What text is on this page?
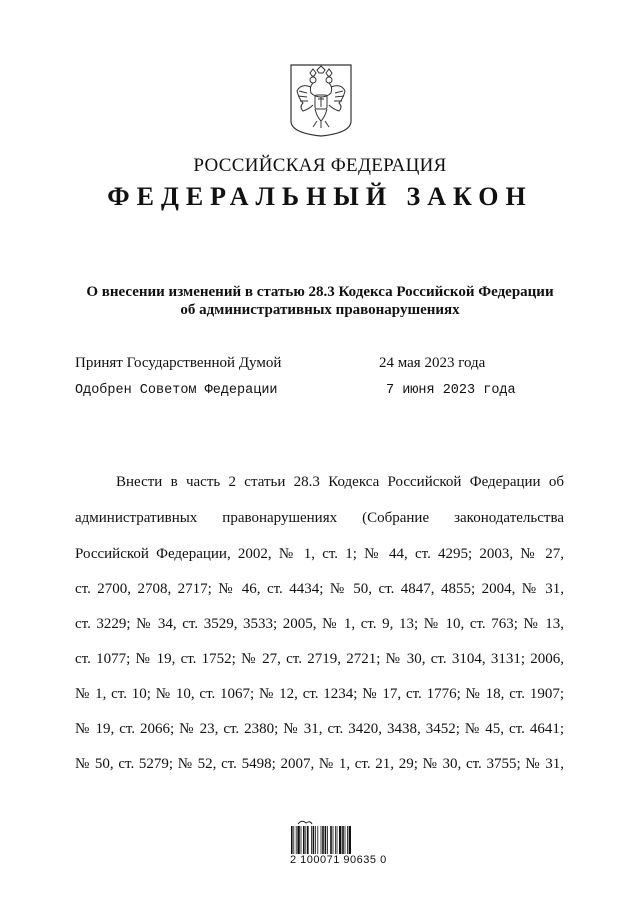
РОССИЙСКАЯ ФЕДЕРАЦИЯ
ФЕДЕРАЛЬНЫЙ ЗАКОН
О внесении изменений в статью 28.3 Кодекса Российской Федерации
об административных правонарушениях
Принят Государственной Думой	24 мая 2023 года
Одобрен Советом Федерации	7 июня 2023 года
Внести в часть 2 статьи 28.3 Кодекса Российской Федерации об
административных правонарушениях (Собрание законодательства
Российской Федерации, 2002, № 1, ст. 1; № 44, ст. 4295; 2003, № 27,
ст. 2700, 2708, 2717; № 46, ст. 4434; № 50, ст. 4847, 4855; 2004, № 31,
ст. 3229; № 34, ст. 3529, 3533; 2005, № 1, ст. 9, 13; № 10, ст. 763; № 13,
ст. 1077; № 19, ст. 1752; № 27, ст. 2719, 2721; № 30, ст. 3104, 3131; 2006,
№ 1, ст. 10; № 10, ст. 1067; № 12, ст. 1234; № 17, ст. 1776; № 18, ст. 1907;
№ 19, ст. 2066; № 23, ст. 2380; № 31, ст. 3420, 3438, 3452; № 45, ст. 4641;
№ 50, ст. 5279; № 52, ст. 5498; 2007, № 1, ст. 21, 29; № 30, ст. 3755; № 31,
2 100071 90635 0
